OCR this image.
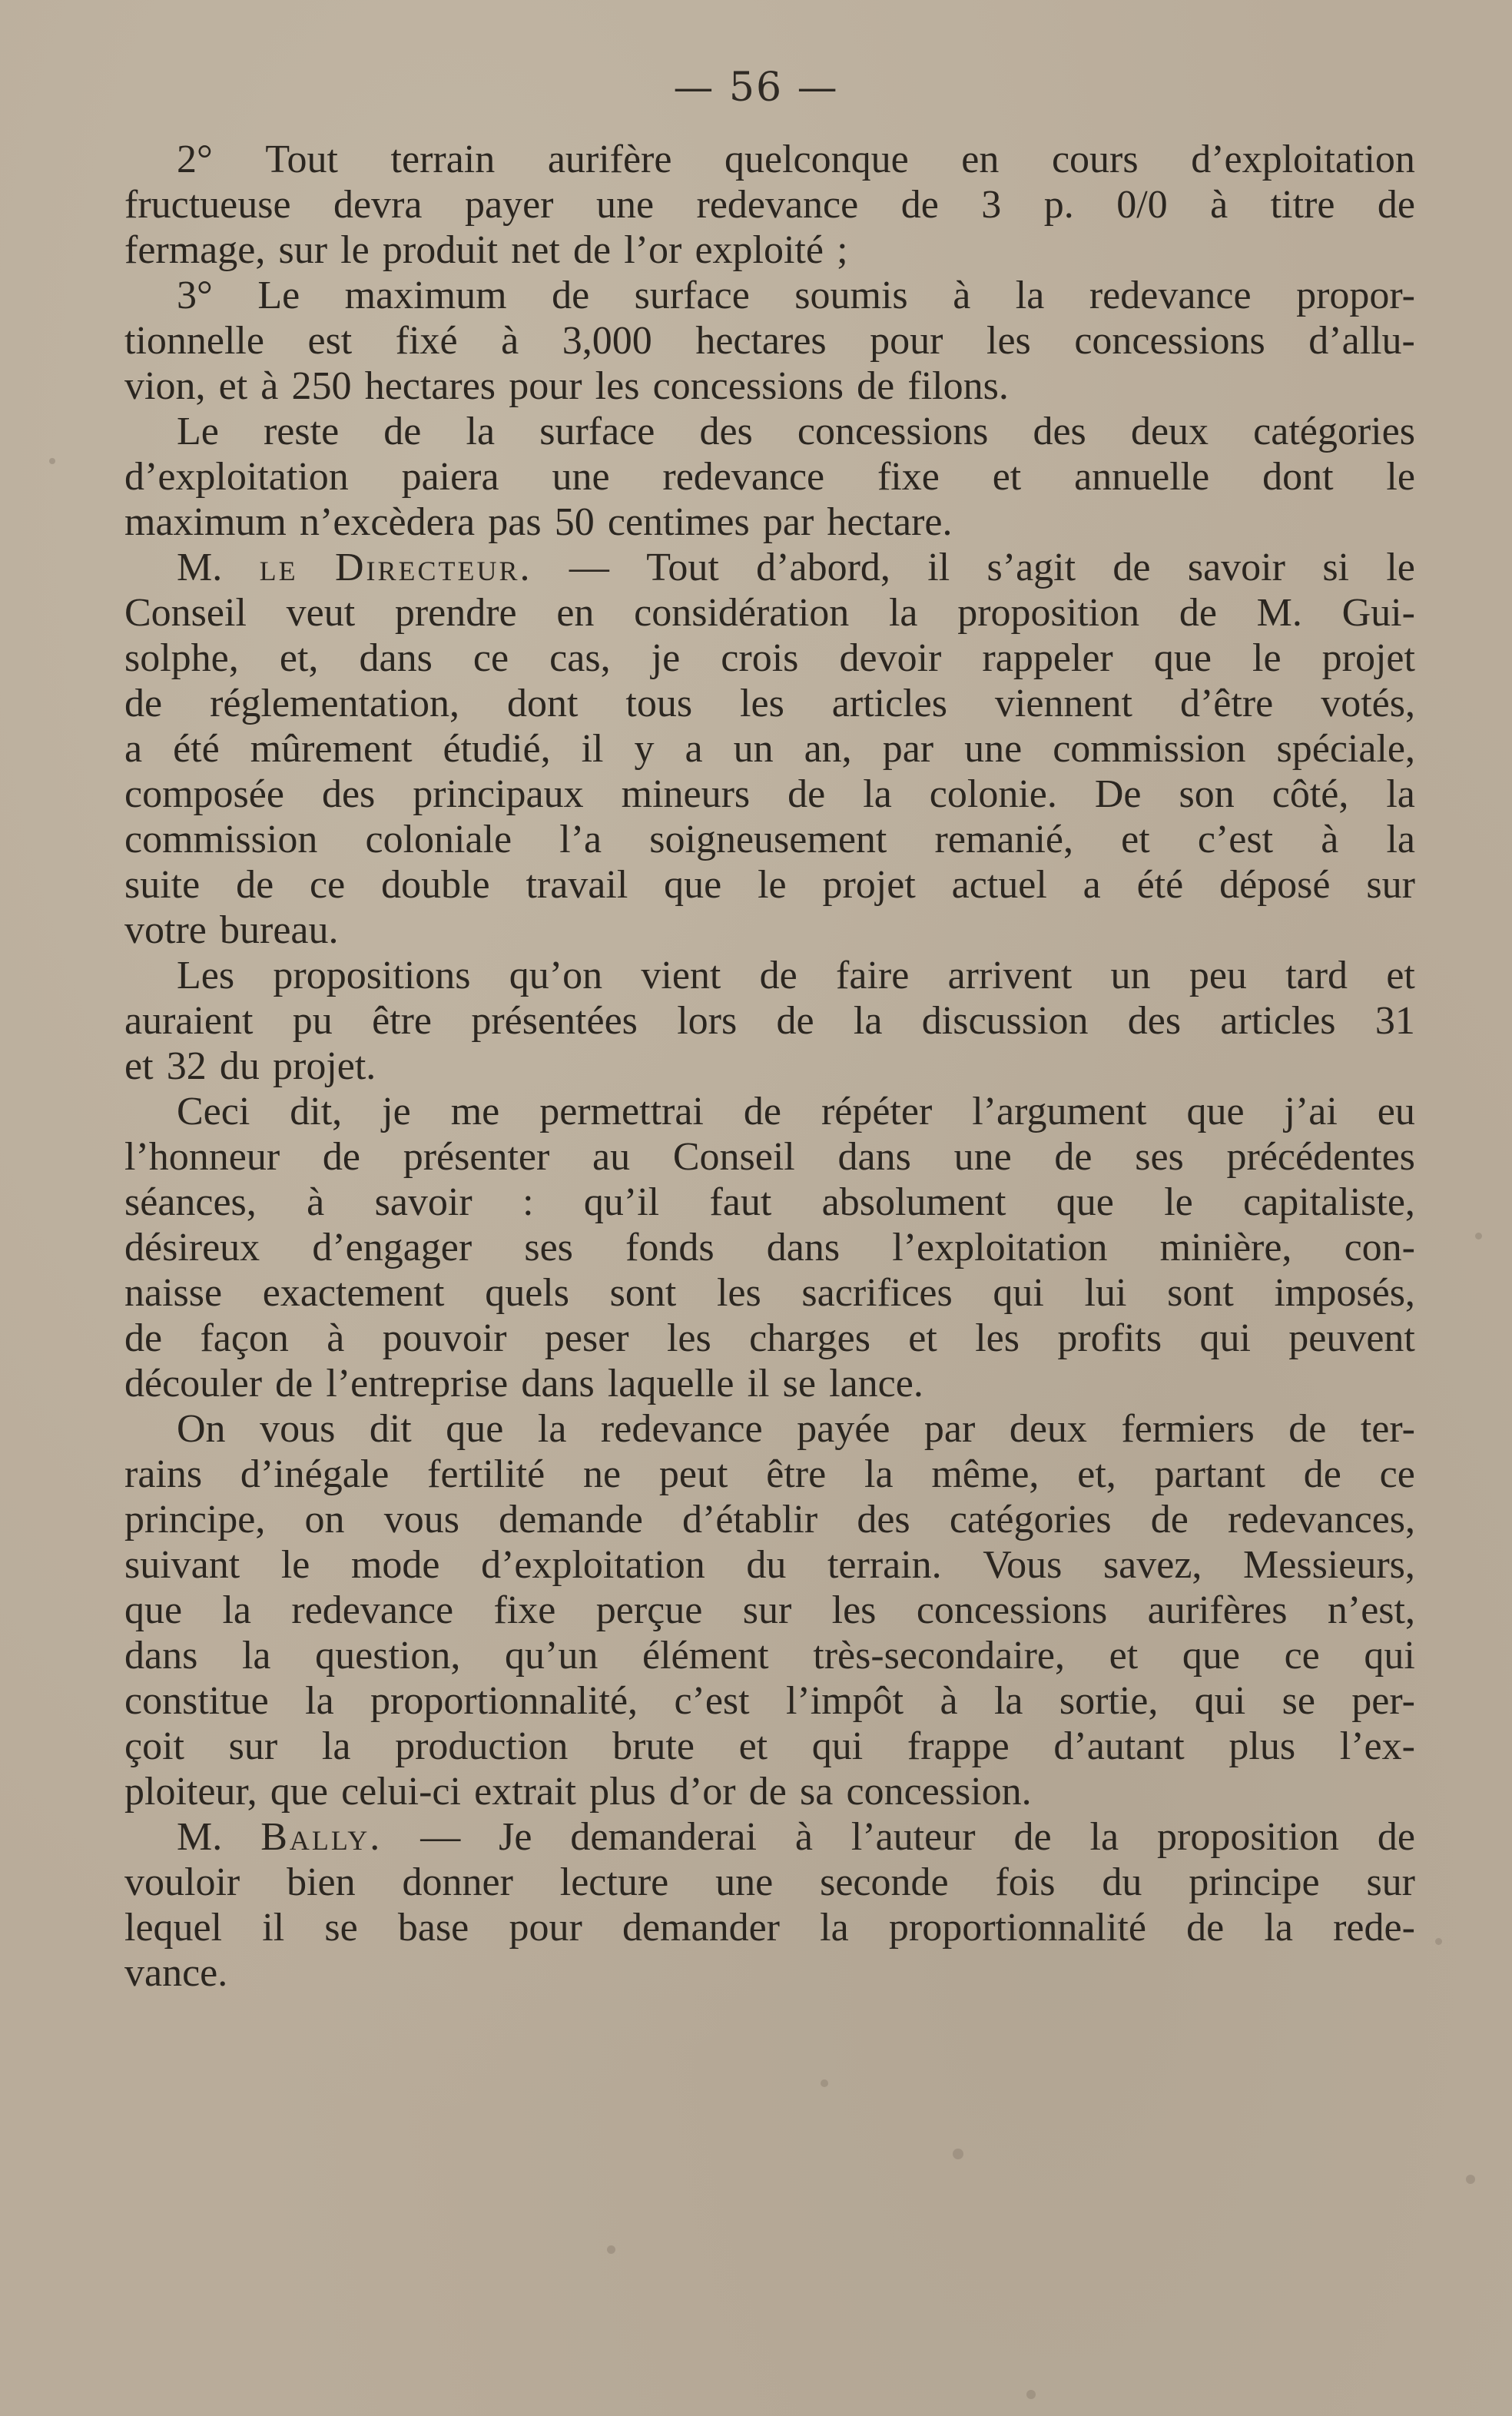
— 56 —
2° Tout terrain aurifère quelconque en cours d’exploitation
fructueuse devra payer une redevance de 3 p. 0/0 à titre de
fermage, sur le produit net de l’or exploité ;
3° Le maximum de surface soumis à la redevance propor-
tionnelle est fixé à 3,000 hectares pour les concessions d’allu-
vion, et à 250 hectares pour les concessions de filons.
Le reste de la surface des concessions des deux catégories
d’exploitation paiera une redevance fixe et annuelle dont le
maximum n’excèdera pas 50 centimes par hectare.
M. le Directeur. — Tout d’abord, il s’agit de savoir si le
Conseil veut prendre en considération la proposition de M. Gui-
solphe, et, dans ce cas, je crois devoir rappeler que le projet
de réglementation, dont tous les articles viennent d’être votés,
a été mûrement étudié, il y a un an, par une commission spéciale,
composée des principaux mineurs de la colonie. De son côté, la
commission coloniale l’a soigneusement remanié, et c’est à la
suite de ce double travail que le projet actuel a été déposé sur
votre bureau.
Les propositions qu’on vient de faire arrivent un peu tard et
auraient pu être présentées lors de la discussion des articles 31
et 32 du projet.
Ceci dit, je me permettrai de répéter l’argument que j’ai eu
l’honneur de présenter au Conseil dans une de ses précédentes
séances, à savoir : qu’il faut absolument que le capitaliste,
désireux d’engager ses fonds dans l’exploitation minière, con-
naisse exactement quels sont les sacrifices qui lui sont imposés,
de façon à pouvoir peser les charges et les profits qui peuvent
découler de l’entreprise dans laquelle il se lance.
On vous dit que la redevance payée par deux fermiers de ter-
rains d’inégale fertilité ne peut être la même, et, partant de ce
principe, on vous demande d’établir des catégories de redevances,
suivant le mode d’exploitation du terrain. Vous savez, Messieurs,
que la redevance fixe perçue sur les concessions aurifères n’est,
dans la question, qu’un élément très-secondaire, et que ce qui
constitue la proportionnalité, c’est l’impôt à la sortie, qui se per-
çoit sur la production brute et qui frappe d’autant plus l’ex-
ploiteur, que celui-ci extrait plus d’or de sa concession.
M. Bally. — Je demanderai à l’auteur de la proposition de
vouloir bien donner lecture une seconde fois du principe sur
lequel il se base pour demander la proportionnalité de la rede-
vance.
